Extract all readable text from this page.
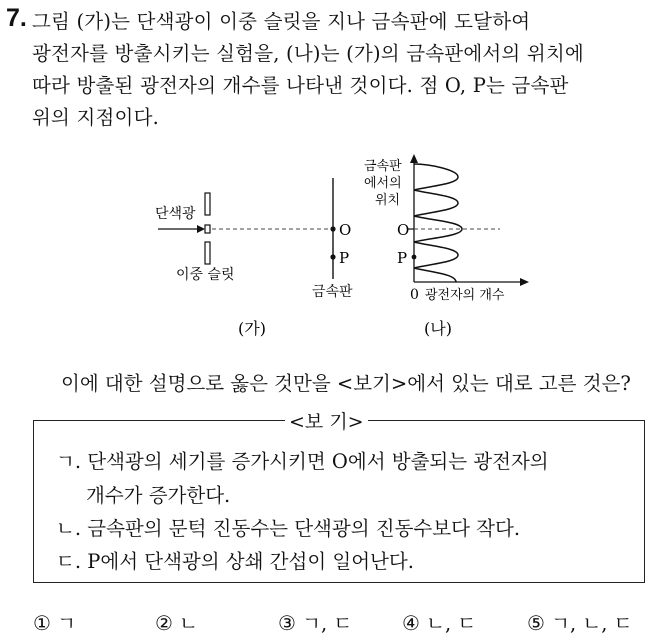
7. 그림 (가)는 단색광이 이중 슬릿을 지나 금속판에 도달하여
광전자를 방출시키는 실험을, (나)는 (가)의 금속판에서의 위치에
따라 방출된 광전자의 개수를 나타낸 것이다. 점 O, P는 금속판
위의 지점이다.
단색광
이중 슬릿
O
P
금속판
(가)
금속판
에서의
위치
O
P
0 광전자의 개수
(나)
이에 대한 설명으로 옳은 것만을 <보기>에서 있는 대로 고른 것은?
<보 기>
ㄱ. 단색광의 세기를 증가시키면 O에서 방출되는 광전자의
개수가 증가한다.
ㄴ. 금속판의 문턱 진동수는 단색광의 진동수보다 작다.
ㄷ. P에서 단색광의 상쇄 간섭이 일어난다.
① ㄱ	② ㄴ	③ ㄱ, ㄷ ④ ㄴ, ㄷ	⑤ ㄱ, ㄴ, ㄷ
